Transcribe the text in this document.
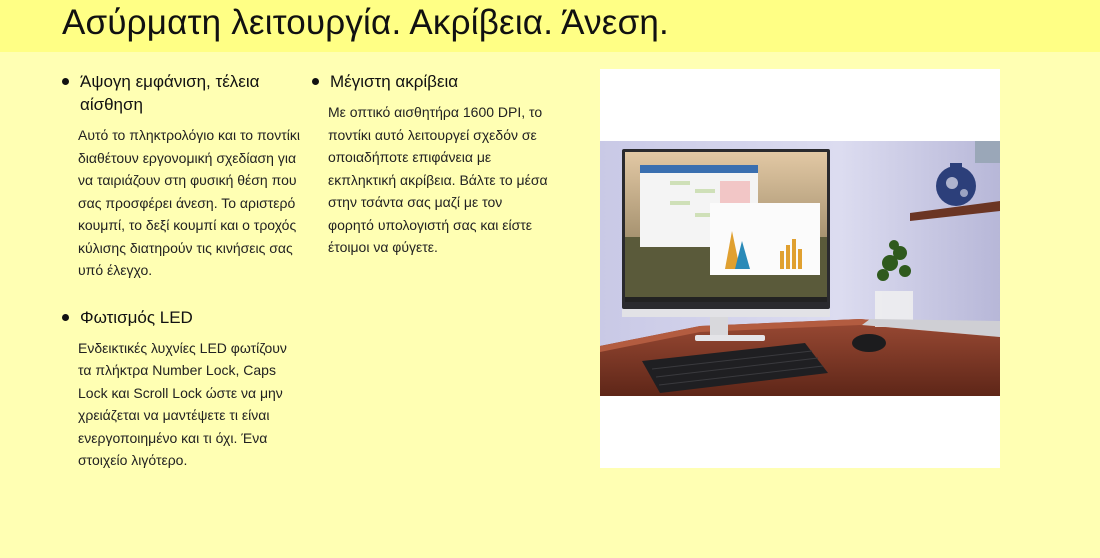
Ασύρματη λειτουργία. Ακρίβεια. Άνεση.
Άψογη εμφάνιση, τέλεια αίσθηση

Αυτό το πληκτρολόγιο και το ποντίκι διαθέτουν εργονομική σχεδίαση για να ταιριάζουν στη φυσική θέση που σας προσφέρει άνεση. Το αριστερό κουμπί, το δεξί κουμπί και ο τροχός κύλισης διατηρούν τις κινήσεις σας υπό έλεγχο.

Φωτισμός LED

Ενδεικτικές λυχνίες LED φωτίζουν τα πλήκτρα Number Lock, Caps Lock και Scroll Lock ώστε να μην χρειάζεται να μαντέψετε τι είναι ενεργοποιημένο και τι όχι. Ένα στοιχείο λιγότερο.

Μέγιστη ακρίβεια

Με οπτικό αισθητήρα 1600 DPI, το ποντίκι αυτό λειτουργεί σχεδόν σε οποιαδήποτε επιφάνεια με εκπληκτική ακρίβεια. Βάλτε το μέσα στην τσάντα σας μαζί με τον φορητό υπολογιστή σας και είστε έτοιμοι να φύγετε.
